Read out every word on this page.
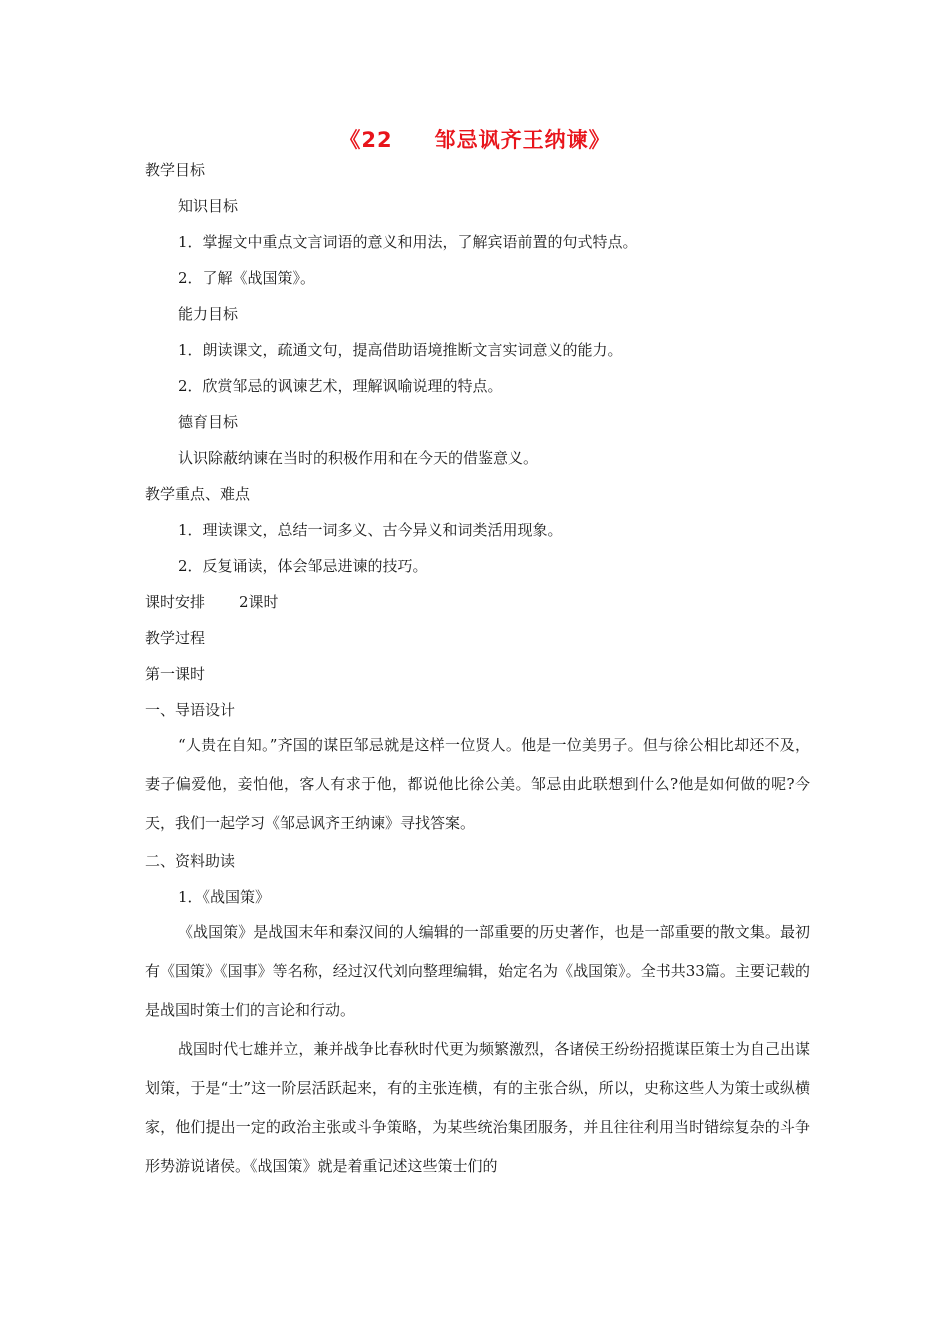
《22 邹忌讽齐王纳谏》
教学目标
知识目标
1．掌握文中重点文言词语的意义和用法，了解宾语前置的句式特点。
2．了解《战国策》。
能力目标
1．朗读课文，疏通文句，提高借助语境推断文言实词意义的能力。
2．欣赏邹忌的讽谏艺术，理解讽喻说理的特点。
德育目标
认识除蔽纳谏在当时的积极作用和在今天的借鉴意义。
教学重点、难点
1．理读课文，总结一词多义、古今异义和词类活用现象。
2．反复诵读，体会邹忌进谏的技巧。
课时安排 2课时
教学过程
第一课时
一、导语设计

“人贵在自知。”齐国的谋臣邹忌就是这样一位贤人。他是一位美男子。但与徐公相比却还不及，妻子偏爱他，妾怕他，客人有求于他，都说他比徐公美。邹忌由此联想到什么?他是如何做的呢?今天，我们一起学习《邹忌讽齐王纳谏》寻找答案。

二、资料助读
1．《战国策》

《战国策》是战国末年和秦汉间的人编辑的一部重要的历史著作，也是一部重要的散文集。最初有《国策》《国事》等名称，经过汉代刘向整理编辑，始定名为《战国策》。全书共33篇。主要记载的是战国时策士们的言论和行动。

战国时代七雄并立，兼并战争比春秋时代更为频繁激烈，各诸侯王纷纷招揽谋臣策士为自己出谋划策，于是“士”这一阶层活跃起来，有的主张连横，有的主张合纵，所以，史称这些人为策士或纵横家，他们提出一定的政治主张或斗争策略，为某些统治集团服务，并且往往利用当时错综复杂的斗争形势游说诸侯。《战国策》就是着重记述这些策士们的
